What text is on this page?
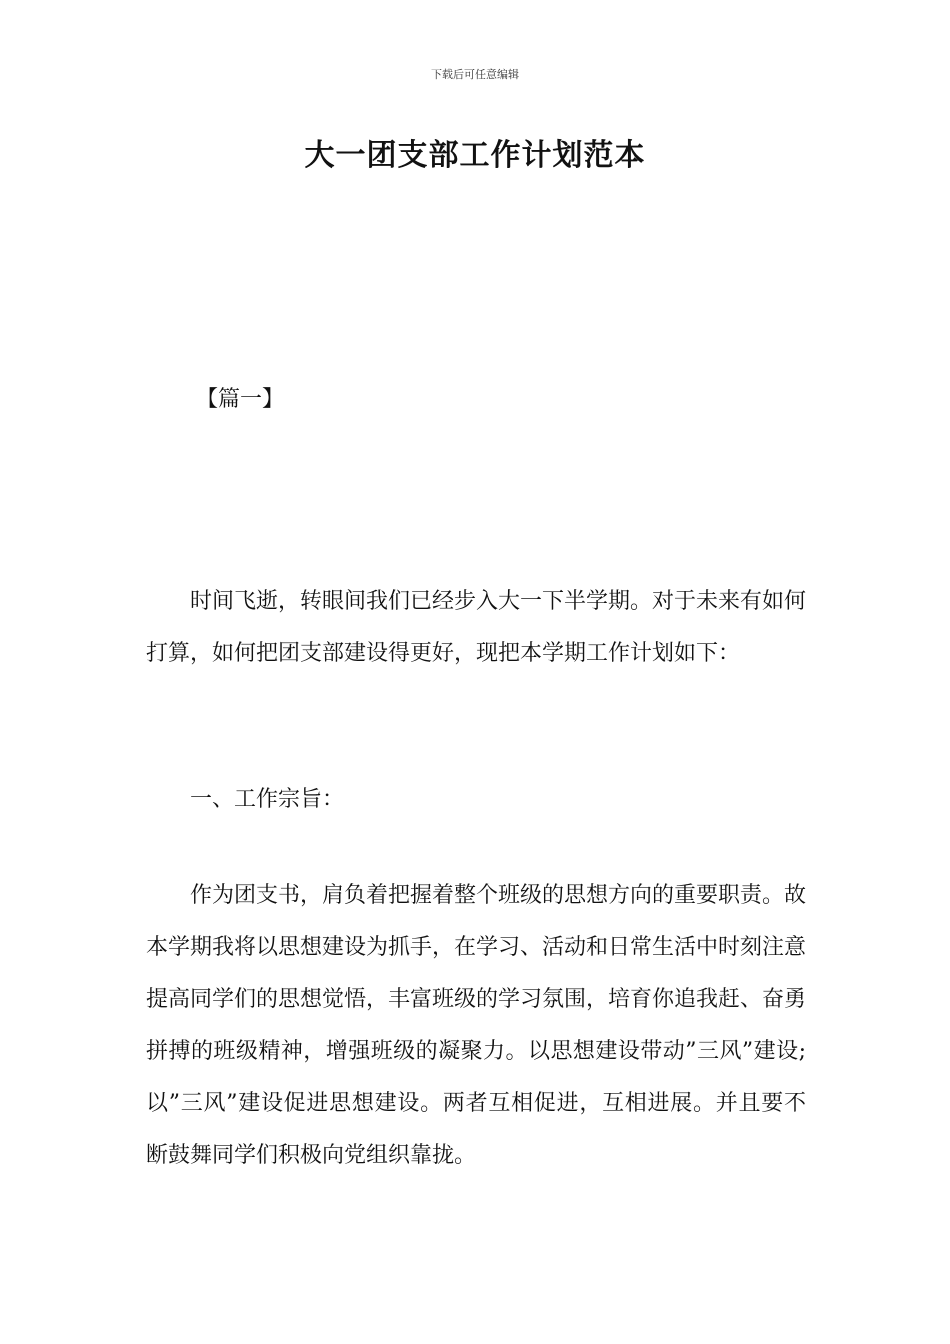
下载后可任意编辑
大一团支部工作计划范本
【篇一】

时间飞逝，转眼间我们已经步入大一下半学期。对于未来有如何打算，如何把团支部建设得更好，现把本学期工作计划如下：

一、工作宗旨：

作为团支书，肩负着把握着整个班级的思想方向的重要职责。故本学期我将以思想建设为抓手，在学习、活动和日常生活中时刻注意提高同学们的思想觉悟，丰富班级的学习氛围，培育你追我赶、奋勇拼搏的班级精神，增强班级的凝聚力。以思想建设带动”三风”建设;以”三风”建设促进思想建设。两者互相促进，互相进展。并且要不断鼓舞同学们积极向党组织靠拢。
